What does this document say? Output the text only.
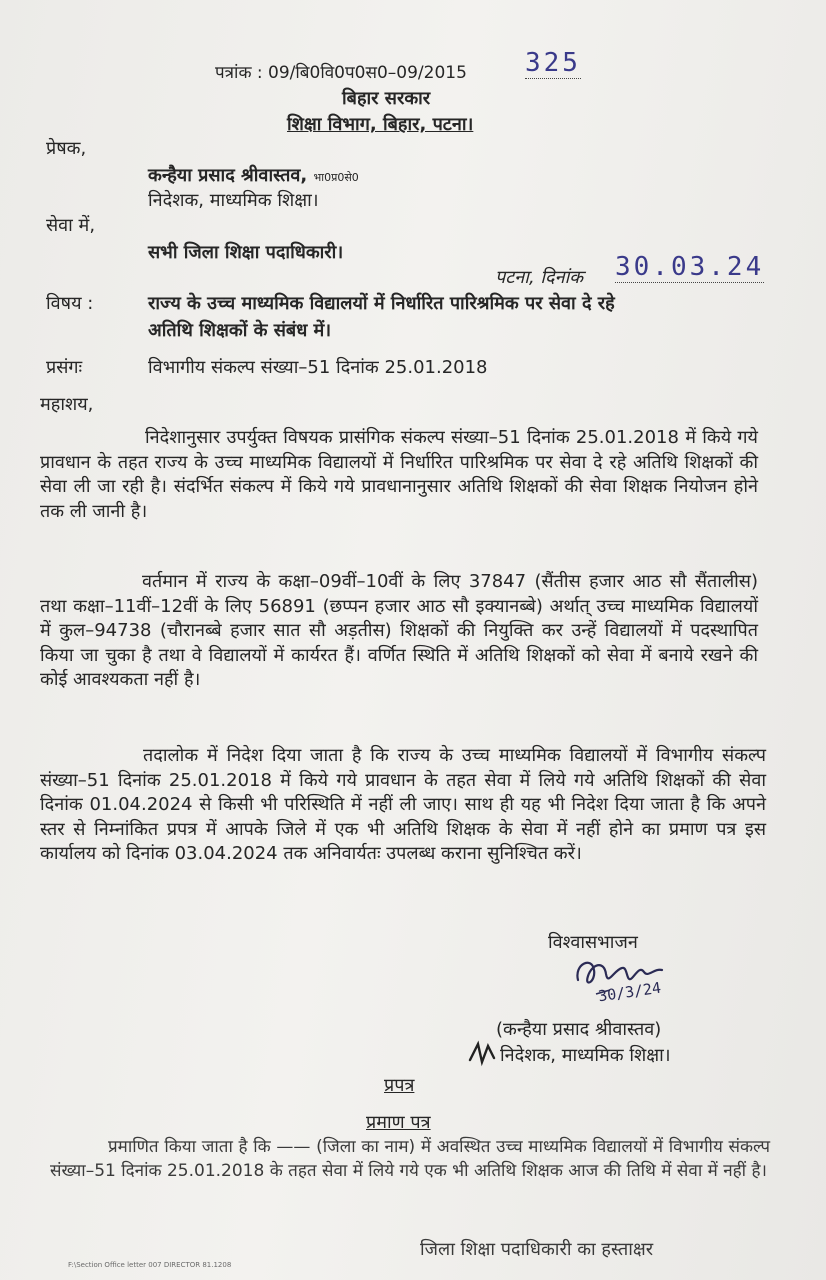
पत्रांक : 09/बि0वि0प0स0–09/2015 325
बिहार सरकार
शिक्षा विभाग, बिहार, पटना।
प्रेषक,
कन्हैया प्रसाद श्रीवास्तव, भा0प्र0से0
निदेशक, माध्यमिक शिक्षा।
सेवा में,
सभी जिला शिक्षा पदाधिकारी।
पटना, दिनांक 30.03.24
विषय :	राज्य के उच्च माध्यमिक विद्यालयों में निर्धारित पारिश्रमिक पर सेवा दे रहे
अतिथि शिक्षकों के संबंध में।
प्रसंगः	विभागीय संकल्प संख्या–51 दिनांक 25.01.2018
महाशय,
निदेशानुसार उपर्युक्त विषयक प्रासंगिक संकल्प संख्या–51 दिनांक 25.01.2018 में किये गये प्रावधान के तहत राज्य के उच्च माध्यमिक विद्यालयों में निर्धारित पारिश्रमिक पर सेवा दे रहे अतिथि शिक्षकों की सेवा ली जा रही है। संदर्भित संकल्प में किये गये प्रावधानानुसार अतिथि शिक्षकों की सेवा शिक्षक नियोजन होने तक ली जानी है।
वर्तमान में राज्य के कक्षा–09वीं–10वीं के लिए 37847 (सैंतीस हजार आठ सौ सैंतालीस) तथा कक्षा–11वीं–12वीं के लिए 56891 (छप्पन हजार आठ सौ इक्यानब्बे) अर्थात् उच्च माध्यमिक विद्यालयों में कुल–94738 (चौरानब्बे हजार सात सौ अड़तीस) शिक्षकों की नियुक्ति कर उन्हें विद्यालयों में पदस्थापित किया जा चुका है तथा वे विद्यालयों में कार्यरत हैं। वर्णित स्थिति में अतिथि शिक्षकों को सेवा में बनाये रखने की कोई आवश्यकता नहीं है।
तदालोक में निदेश दिया जाता है कि राज्य के उच्च माध्यमिक विद्यालयों में विभागीय संकल्प संख्या–51 दिनांक 25.01.2018 में किये गये प्रावधान के तहत सेवा में लिये गये अतिथि शिक्षकों की सेवा दिनांक 01.04.2024 से किसी भी परिस्थिति में नहीं ली जाए। साथ ही यह भी निदेश दिया जाता है कि अपने स्तर से निम्नांकित प्रपत्र में आपके जिले में एक भी अतिथि शिक्षक के सेवा में नहीं होने का प्रमाण पत्र इस कार्यालय को दिनांक 03.04.2024 तक अनिवार्यतः उपलब्ध कराना सुनिश्चित करें।
विश्वासभाजन
30/3/24
(कन्हैया प्रसाद श्रीवास्तव)
निदेशक, माध्यमिक शिक्षा।
प्रपत्र
प्रमाण पत्र
प्रमाणित किया जाता है कि —— (जिला का नाम) में अवस्थित उच्च माध्यमिक विद्यालयों में विभागीय संकल्प संख्या–51 दिनांक 25.01.2018 के तहत सेवा में लिये गये एक भी अतिथि शिक्षक आज की तिथि में सेवा में नहीं है।
जिला शिक्षा पदाधिकारी का हस्ताक्षर
F:\Section Office letter 007 DIRECTOR 81.1208
